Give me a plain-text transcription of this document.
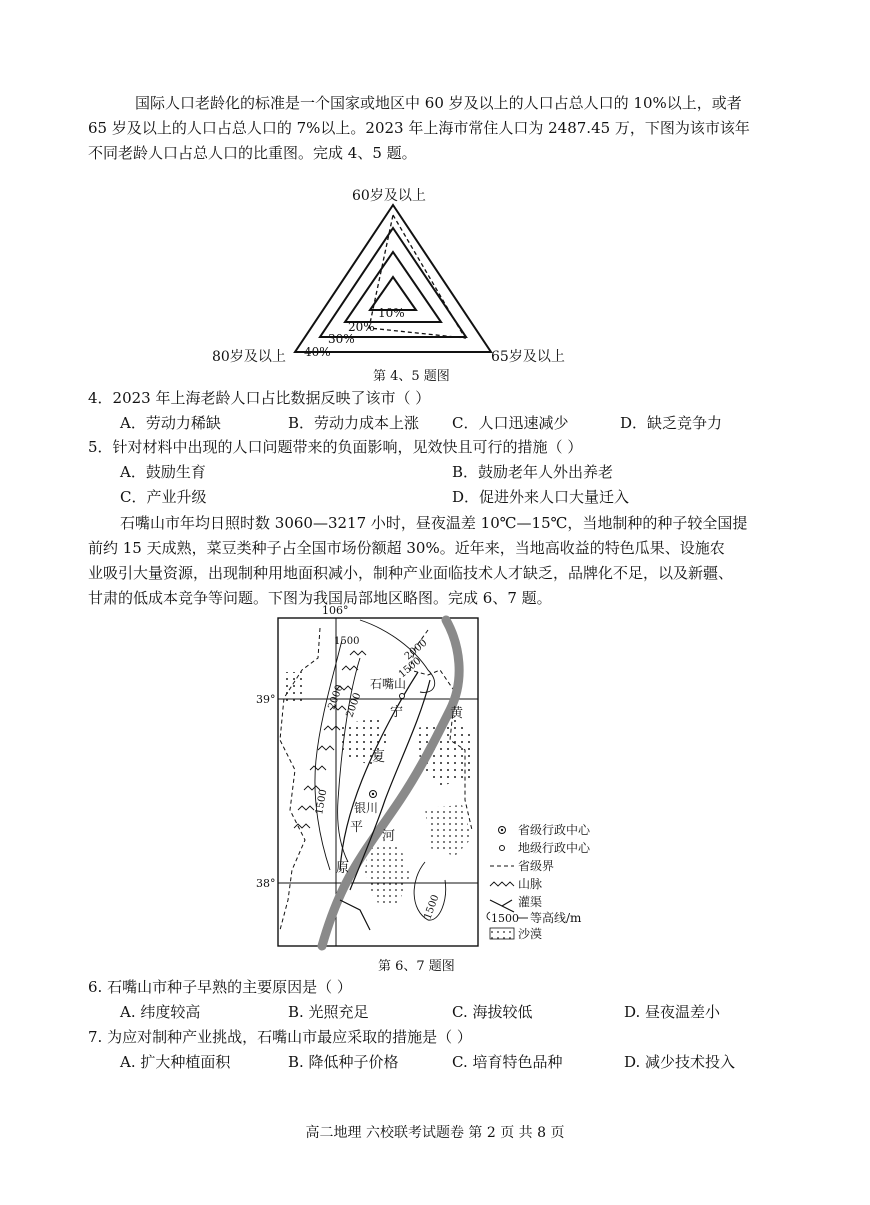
国际人口老龄化的标准是一个国家或地区中 60 岁及以上的人口占总人口的 10%以上，或者
65 岁及以上的人口占总人口的 7%以上。2023 年上海市常住人口为 2487.45 万，下图为该市该年
不同老龄人口占总人口的比重图。完成 4、5 题。
60岁及以上
80岁及以上	65岁及以上
10%
20%
30%
40%
第 4、5 题图
4．2023 年上海老龄人口占比数据反映了该市（ ）
A．劳动力稀缺	B．劳动力成本上涨 C．人口迅速减少	D．缺乏竞争力
5．针对材料中出现的人口问题带来的负面影响，见效快且可行的措施（ ）
A．鼓励生育	B．鼓励老年人外出养老
C．产业升级	D．促进外来人口大量迁入
石嘴山市年均日照时数 3060—3217 小时，昼夜温差 10℃—15℃，当地制种的种子较全国提
前约 15 天成熟，菜豆类种子占全国市场份额超 30%。近年来，当地高收益的特色瓜果、设施农
业吸引大量资源，出现制种用地面积减小，制种产业面临技术人才缺乏，品牌化不足，以及新疆、
甘肃的低成本竞争等问题。下图为我国局部地区略图。完成 6、7 题。
106°
39°
38°
1500	2000
1500
2000
2000
1500
1500
石嘴山
银川
宁
夏
平
原
黄
河	省级行政中心
地级行政中心
省级界
山脉
灌渠
1500 等高线/m
沙漠
第 6、7 题图
6. 石嘴山市种子早熟的主要原因是（ ）
A. 纬度较高	B. 光照充足	C. 海拔较低	D. 昼夜温差小
7. 为应对制种产业挑战，石嘴山市最应采取的措施是（ ）
A. 扩大种植面积	B. 降低种子价格	C. 培育特色品种	D. 减少技术投入
高二地理 六校联考试题卷 第 2 页 共 8 页
